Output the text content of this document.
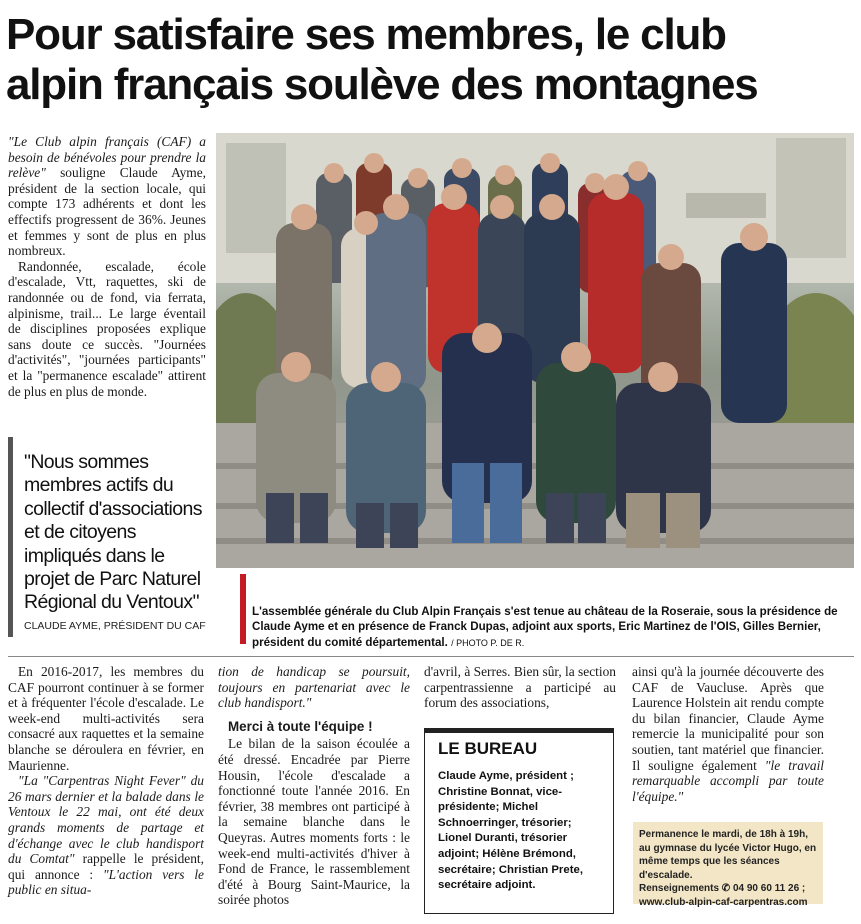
Pour satisfaire ses membres, le club
alpin français soulève des montagnes

"Le Club alpin français (CAF) a besoin de bénévoles pour prendre la relève" souligne Claude Ayme, président de la section locale, qui compte 173 adhérents et dont les effectifs progressent de 36%. Jeunes et femmes y sont de plus en plus nombreux.

Randonnée, escalade, école d'escalade, Vtt, raquettes, ski de randonnée ou de fond, via ferrata, alpinisme, trail... Le large éventail de disciplines proposées explique sans doute ce succès. "Journées d'activités", "journées participants" et la "permanence escalade" attirent de plus en plus de monde.

"Nous sommes membres actifs du collectif d'associations et de citoyens impliqués dans le projet de Parc Naturel Régional du Ventoux"
CLAUDE AYME, PRÉSIDENT DU CAF
L'assemblée générale du Club Alpin Français s'est tenue au château de la Roseraie, sous la présidence de Claude Ayme et en présence de Franck Dupas, adjoint aux sports, Eric Martinez de l'OIS, Gilles Bernier, président du comité départemental. / PHOTO P. DE R.

En 2016-2017, les membres du CAF pourront continuer à se former et à fréquenter l'école d'escalade. Le week-end multi-activités sera consacré aux raquettes et la semaine blanche se déroulera en février, en Maurienne.

"La "Carpentras Night Fever" du 26 mars dernier et la balade dans le Ventoux le 22 mai, ont été deux grands moments de partage et d'échange avec le club handisport du Comtat" rappelle le président, qui annonce : "L'action vers le public en situa-

tion de handicap se poursuit, toujours en partenariat avec le club handisport."

Merci à toute l'équipe !

Le bilan de la saison écoulée a été dressé. Encadrée par Pierre Housin, l'école d'escalade a fonctionné toute l'année 2016. En février, 38 membres ont participé à la semaine blanche dans le Queyras. Autres moments forts : le week-end multi-activités d'hiver à Fond de France, le rassemblement d'été à Bourg Saint-Maurice, la soirée photos

d'avril, à Serres. Bien sûr, la section carpentrassienne a participé au forum des associations,

LE BUREAU
Claude Ayme, président ; Christine Bonnat, vice-présidente; Michel Schnoerringer, trésorier; Lionel Duranti, trésorier adjoint; Hélène Brémond, secrétaire; Christian Prete, secrétaire adjoint.

ainsi qu'à la journée découverte des CAF de Vaucluse. Après que Laurence Holstein ait rendu compte du bilan financier, Claude Ayme remercie la municipalité pour son soutien, tant matériel que financier. Il souligne également "le travail remarquable accompli par toute l'équipe."

Permanence le mardi, de 18h à 19h, au gymnase du lycée Victor Hugo, en même temps que les séances d'escalade.
Renseignements ✆ 04 90 60 11 26 ; www.club-alpin-caf-carpentras.com
